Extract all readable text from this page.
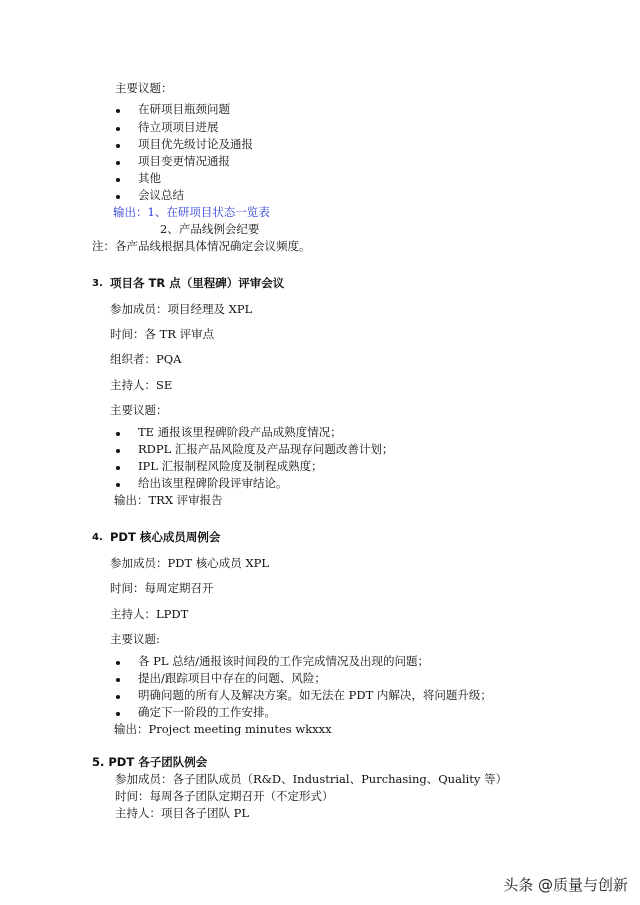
主要议题：
在研项目瓶颈问题
待立项项目进展
项目优先级讨论及通报
项目变更情况通报
其他
会议总结
输出：1、在研项目状态一览表
2、产品线例会纪要
注：各产品线根据具体情况确定会议频度。
3. 项目各 TR 点（里程碑）评审会议
参加成员：项目经理及 XPL
时间：各 TR 评审点
组织者：PQA
主持人：SE
主要议题：
TE 通报该里程碑阶段产品成熟度情况；
RDPL 汇报产品风险度及产品现存问题改善计划；
IPL 汇报制程风险度及制程成熟度；
给出该里程碑阶段评审结论。
输出：TRX 评审报告
4. PDT 核心成员周例会
参加成员：PDT 核心成员 XPL
时间：每周定期召开
主持人：LPDT
主要议题:
各 PL 总结/通报该时间段的工作完成情况及出现的问题；
提出/跟踪项目中存在的问题、风险；
明确问题的所有人及解决方案。如无法在 PDT 内解决，将问题升级；
确定下一阶段的工作安排。
输出：Project meeting minutes wkxxx
5. PDT 各子团队例会
参加成员：各子团队成员（R&D、Industrial、Purchasing、Quality 等）
时间：每周各子团队定期召开（不定形式）
主持人：项目各子团队 PL
头条 @质量与创新
